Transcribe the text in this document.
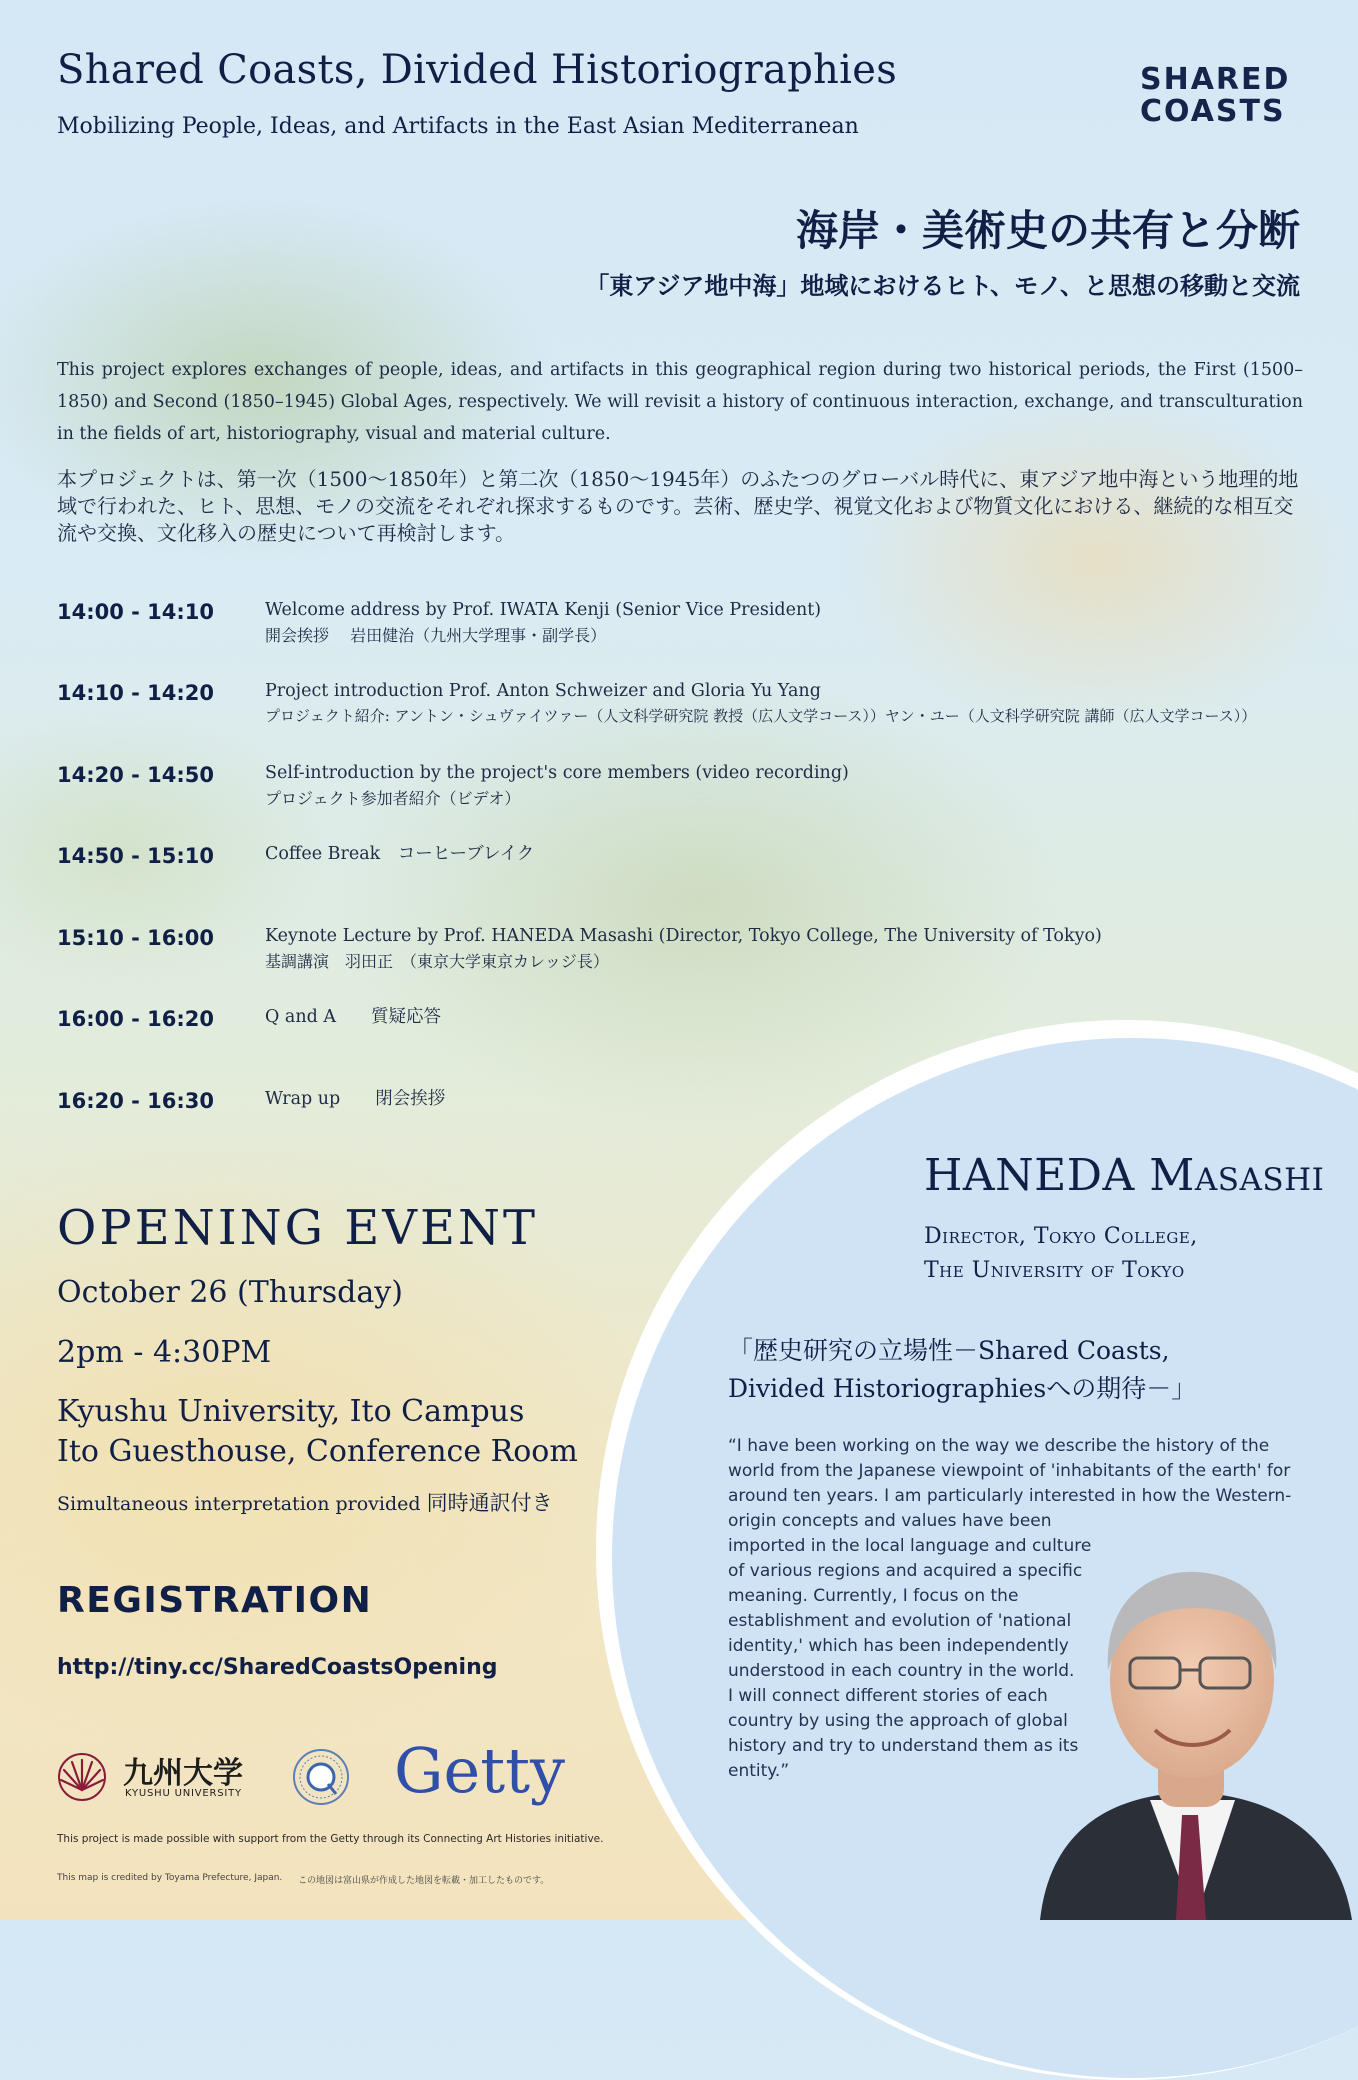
Shared Coasts, Divided Historiographies
Mobilizing People, Ideas, and Artifacts in the East Asian Mediterranean
SHARED
COASTS
海岸・美術史の共有と分断
「東アジア地中海」地域におけるヒト、モノ、と思想の移動と交流
This project explores exchanges of people, ideas, and artifacts in this geographical region during two historical periods, the First (1500–1850) and Second (1850–1945) Global Ages, respectively. We will revisit a history of continuous interaction, exchange, and transculturation in the fields of art, historiography, visual and material culture.
本プロジェクトは、第一次（1500〜1850年）と第二次（1850〜1945年）のふたつのグローバル時代に、東アジア地中海という地理的地域で行われた、ヒト、思想、モノの交流をそれぞれ探求するものです。芸術、歴史学、視覚文化および物質文化における、継続的な相互交流や交換、文化移入の歴史について再検討します。
14:00 - 14:10	Welcome address by Prof. IWATA Kenji (Senior Vice President)
開会挨拶　 岩田健治（九州大学理事・副学長）
14:10 - 14:20	Project introduction Prof. Anton Schweizer and Gloria Yu Yang
プロジェクト紹介: アントン・シュヴァイツァー（人文科学研究院 教授（広人文学コース））ヤン・ユー（人文科学研究院 講師（広人文学コース））
14:20 - 14:50	Self-introduction by the project's core members (video recording)
プロジェクト参加者紹介（ビデオ）
14:50 - 15:10	Coffee Break　コーヒーブレイク
15:10 - 16:00	Keynote Lecture by Prof. HANEDA Masashi (Director, Tokyo College, The University of Tokyo)
基調講演　羽田正　（東京大学東京カレッジ長）
16:00 - 16:20	Q and A　　質疑応答
16:20 - 16:30	Wrap up　　閉会挨拶
HANEDA Masashi
Director, Tokyo College,
The University of Tokyo
「歴史研究の立場性－Shared Coasts,
Divided Historiographiesへの期待－」
“I have been working on the way we describe the history of the
world from the Japanese viewpoint of 'inhabitants of the earth' for
around ten years. I am particularly interested in how the Western-
origin concepts and values have been
imported in the local language and culture
of various regions and acquired a specific
meaning. Currently, I focus on the
establishment and evolution of 'national
identity,' which has been independently
understood in each country in the world.
I will connect different stories of each
country by using the approach of global
history and try to understand them as its
entity.”
OPENING EVENT
October 26 (Thursday)
2pm - 4:30PM
Kyushu University, Ito Campus
Ito Guesthouse, Conference Room
Simultaneous interpretation provided 同時通訳付き
REGISTRATION
http://tiny.cc/SharedCoastsOpening
九州大学
KYUSHU UNIVERSITY Getty
This project is made possible with support from the Getty through its Connecting Art Histories initiative.
This map is credited by Toyama Prefecture, Japan. この地図は富山県が作成した地図を転載・加工したものです。
